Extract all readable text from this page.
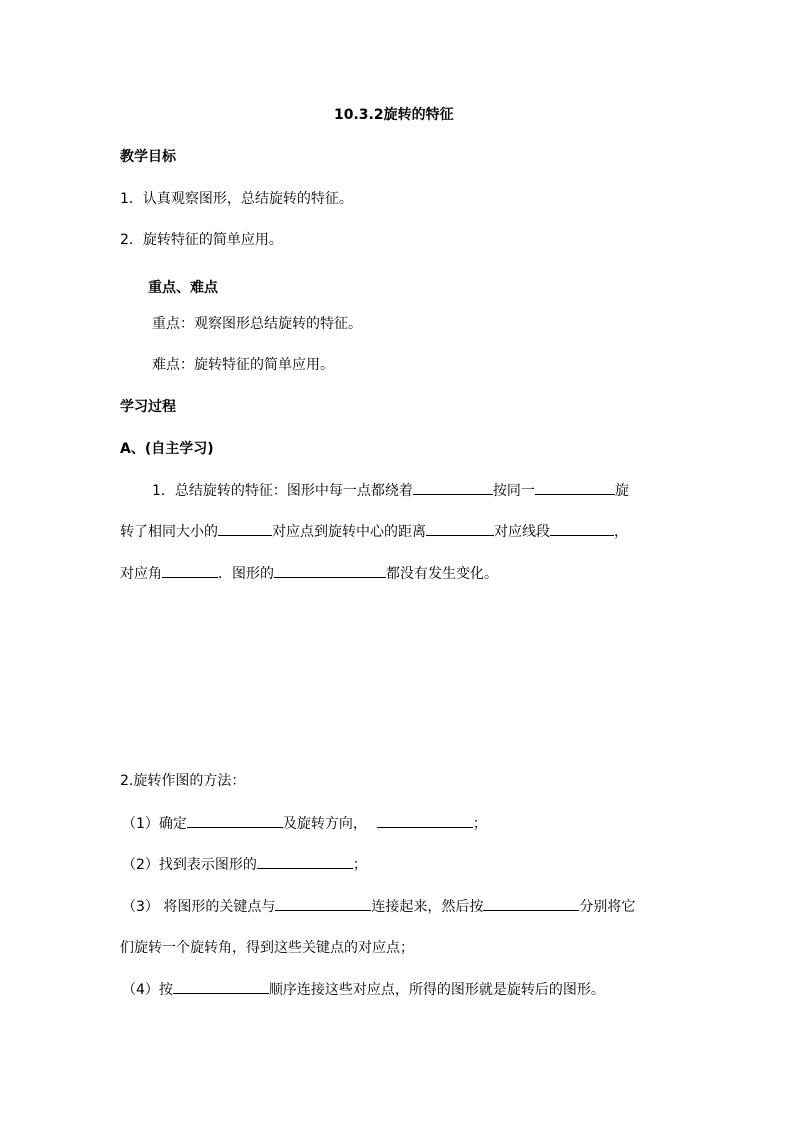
10.3.2旋转的特征
教学目标
1．认真观察图形，总结旋转的特征。
2．旋转特征的简单应用。
重点、难点
重点：观察图形总结旋转的特征。
难点：旋转特征的简单应用。
学习过程
A、(自主学习)
1．总结旋转的特征：图形中每一点都绕着	按同一	旋
转了相同大小的	对应点到旋转中心的距离	对应线段	，
对应角	．图形的	都没有发生变化。
2.旋转作图的方法：
（1）确定	及旋转方向，	；
（2）找到表示图形的	；
（3） 将图形的关键点与	连接起来，然后按	分别将它
们旋转一个旋转角，得到这些关键点的对应点；
（4）按	顺序连接这些对应点，所得的图形就是旋转后的图形。
